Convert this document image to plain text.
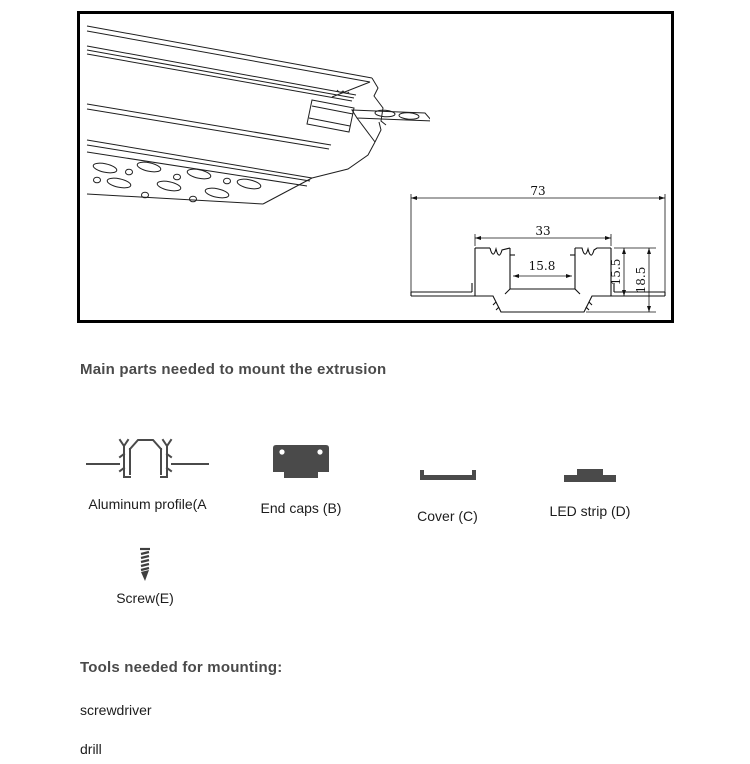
73
33
15.8	15.5 18.5
Main parts needed to mount the extrusion
Aluminum profile(A	End caps (B)	Cover (C)	LED strip (D)
Screw(E)
Tools needed for mounting:
screwdriver
drill
